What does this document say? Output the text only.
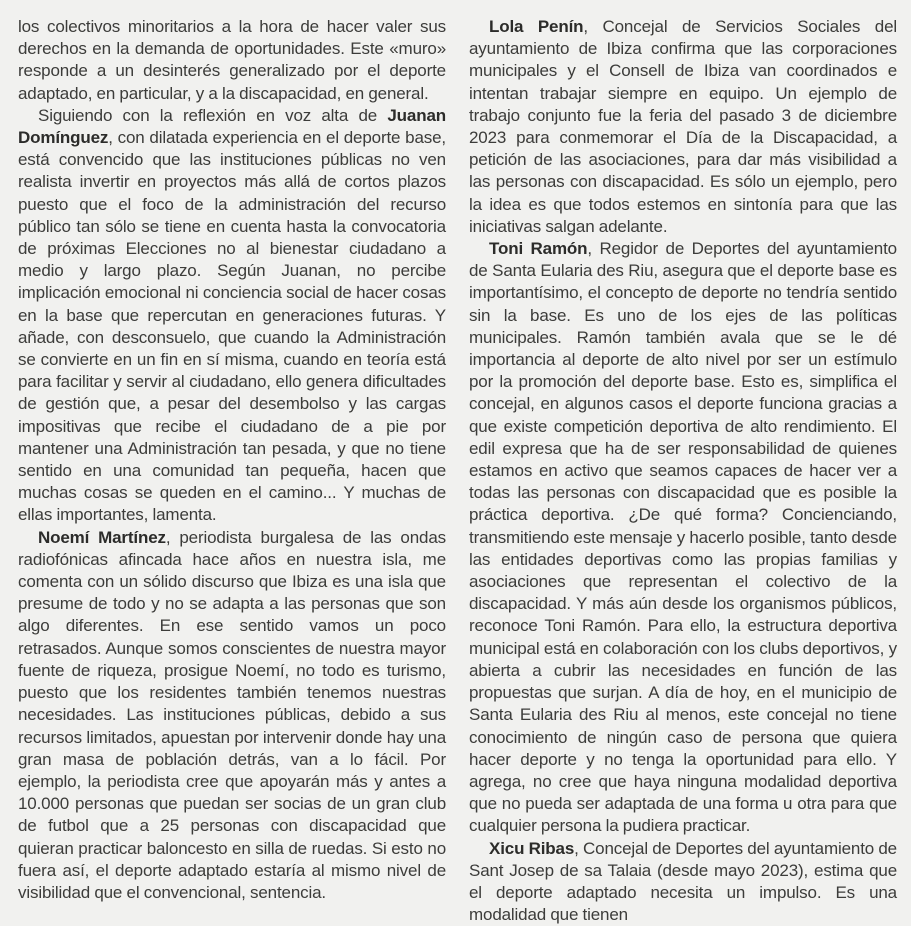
los colectivos minoritarios a la hora de hacer valer sus derechos en la demanda de oportunidades. Este «muro» responde a un desinterés generalizado por el deporte adaptado, en particular, y a la discapacidad, en general.

Siguiendo con la reflexión en voz alta de Juanan Domínguez, con dilatada experiencia en el deporte base, está convencido que las instituciones públicas no ven realista invertir en proyectos más allá de cortos plazos puesto que el foco de la administración del recurso público tan sólo se tiene en cuenta hasta la convocatoria de próximas Elecciones no al bienestar ciudadano a medio y largo plazo. Según Juanan, no percibe implicación emocional ni conciencia social de hacer cosas en la base que repercutan en generaciones futuras. Y añade, con desconsuelo, que cuando la Administración se convierte en un fin en sí misma, cuando en teoría está para facilitar y servir al ciudadano, ello genera dificultades de gestión que, a pesar del desembolso y las cargas impositivas que recibe el ciudadano de a pie por mantener una Administración tan pesada, y que no tiene sentido en una comunidad tan pequeña, hacen que muchas cosas se queden en el camino... Y muchas de ellas importantes, lamenta.

Noemí Martínez, periodista burgalesa de las ondas radiofónicas afincada hace años en nuestra isla, me comenta con un sólido discurso que Ibiza es una isla que presume de todo y no se adapta a las personas que son algo diferentes. En ese sentido vamos un poco retrasados. Aunque somos conscientes de nuestra mayor fuente de riqueza, prosigue Noemí, no todo es turismo, puesto que los residentes también tenemos nuestras necesidades. Las instituciones públicas, debido a sus recursos limitados, apuestan por intervenir donde hay una gran masa de población detrás, van a lo fácil. Por ejemplo, la periodista cree que apoyarán más y antes a 10.000 personas que puedan ser socias de un gran club de futbol que a 25 personas con discapacidad que quieran practicar baloncesto en silla de ruedas. Si esto no fuera así, el deporte adaptado estaría al mismo nivel de visibilidad que el convencional, sentencia.

Lola Penín, Concejal de Servicios Sociales del ayuntamiento de Ibiza confirma que las corporaciones municipales y el Consell de Ibiza van coordinados e intentan trabajar siempre en equipo. Un ejemplo de trabajo conjunto fue la feria del pasado 3 de diciembre 2023 para conmemorar el Día de la Discapacidad, a petición de las asociaciones, para dar más visibilidad a las personas con discapacidad. Es sólo un ejemplo, pero la idea es que todos estemos en sintonía para que las iniciativas salgan adelante.

Toni Ramón, Regidor de Deportes del ayuntamiento de Santa Eularia des Riu, asegura que el deporte base es importantísimo, el concepto de deporte no tendría sentido sin la base. Es uno de los ejes de las políticas municipales. Ramón también avala que se le dé importancia al deporte de alto nivel por ser un estímulo por la promoción del deporte base. Esto es, simplifica el concejal, en algunos casos el deporte funciona gracias a que existe competición deportiva de alto rendimiento. El edil expresa que ha de ser responsabilidad de quienes estamos en activo que seamos capaces de hacer ver a todas las personas con discapacidad que es posible la práctica deportiva. ¿De qué forma? Concienciando, transmitiendo este mensaje y hacerlo posible, tanto desde las entidades deportivas como las propias familias y asociaciones que representan el colectivo de la discapacidad. Y más aún desde los organismos públicos, reconoce Toni Ramón. Para ello, la estructura deportiva municipal está en colaboración con los clubs deportivos, y abierta a cubrir las necesidades en función de las propuestas que surjan. A día de hoy, en el municipio de Santa Eularia des Riu al menos, este concejal no tiene conocimiento de ningún caso de persona que quiera hacer deporte y no tenga la oportunidad para ello. Y agrega, no cree que haya ninguna modalidad deportiva que no pueda ser adaptada de una forma u otra para que cualquier persona la pudiera practicar.

Xicu Ribas, Concejal de Deportes del ayuntamiento de Sant Josep de sa Talaia (desde mayo 2023), estima que el deporte adaptado necesita un impulso. Es una modalidad que tienen
